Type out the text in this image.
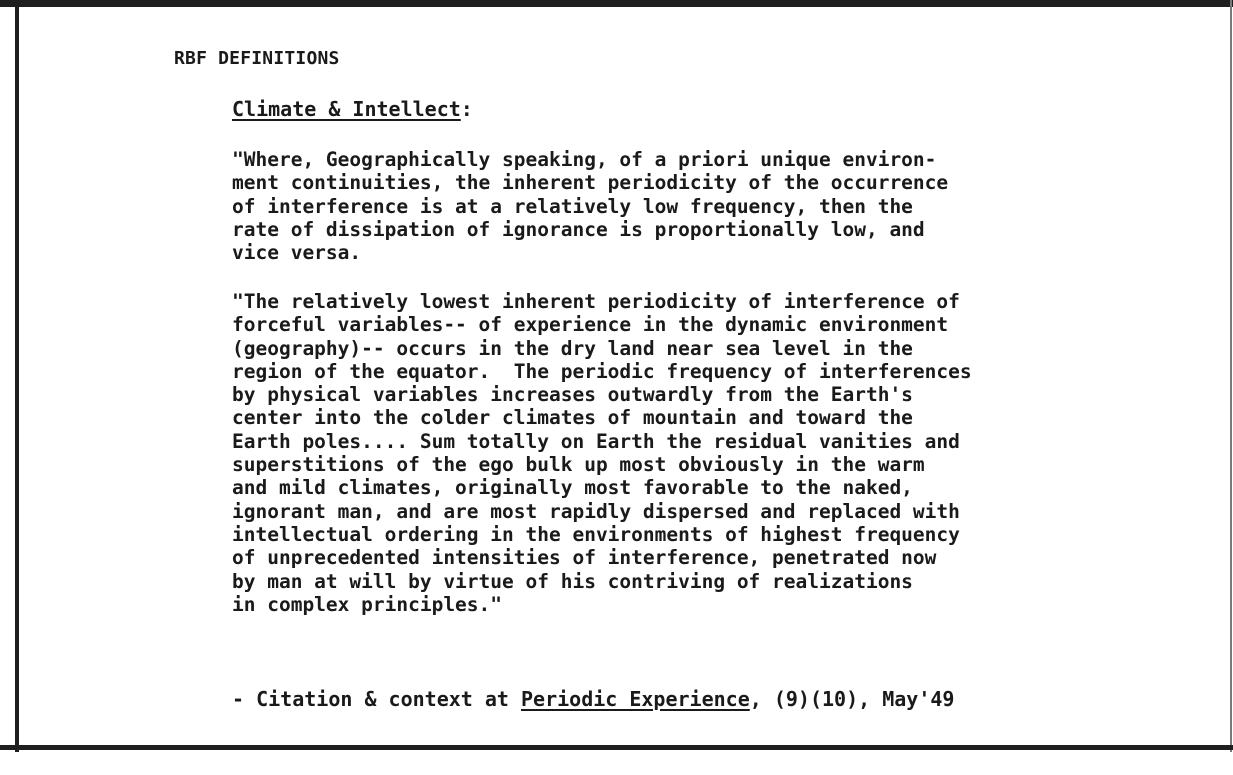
RBF DEFINITIONS
Climate & Intellect:

"Where, Geographically speaking, of a priori unique environ-
ment continuities, the inherent periodicity of the occurrence
of interference is at a relatively low frequency, then the
rate of dissipation of ignorance is proportionally low, and
vice versa.

"The relatively lowest inherent periodicity of interference of
forceful variables-- of experience in the dynamic environment
(geography)-- occurs in the dry land near sea level in the
region of the equator.  The periodic frequency of interferences
by physical variables increases outwardly from the Earth's
center into the colder climates of mountain and toward the
Earth poles.... Sum totally on Earth the residual vanities and
superstitions of the ego bulk up most obviously in the warm
and mild climates, originally most favorable to the naked,
ignorant man, and are most rapidly dispersed and replaced with
intellectual ordering in the environments of highest frequency
of unprecedented intensities of interference, penetrated now
by man at will by virtue of his contriving of realizations
in complex principles."

- Citation & context at Periodic Experience, (9)(10), May'49
